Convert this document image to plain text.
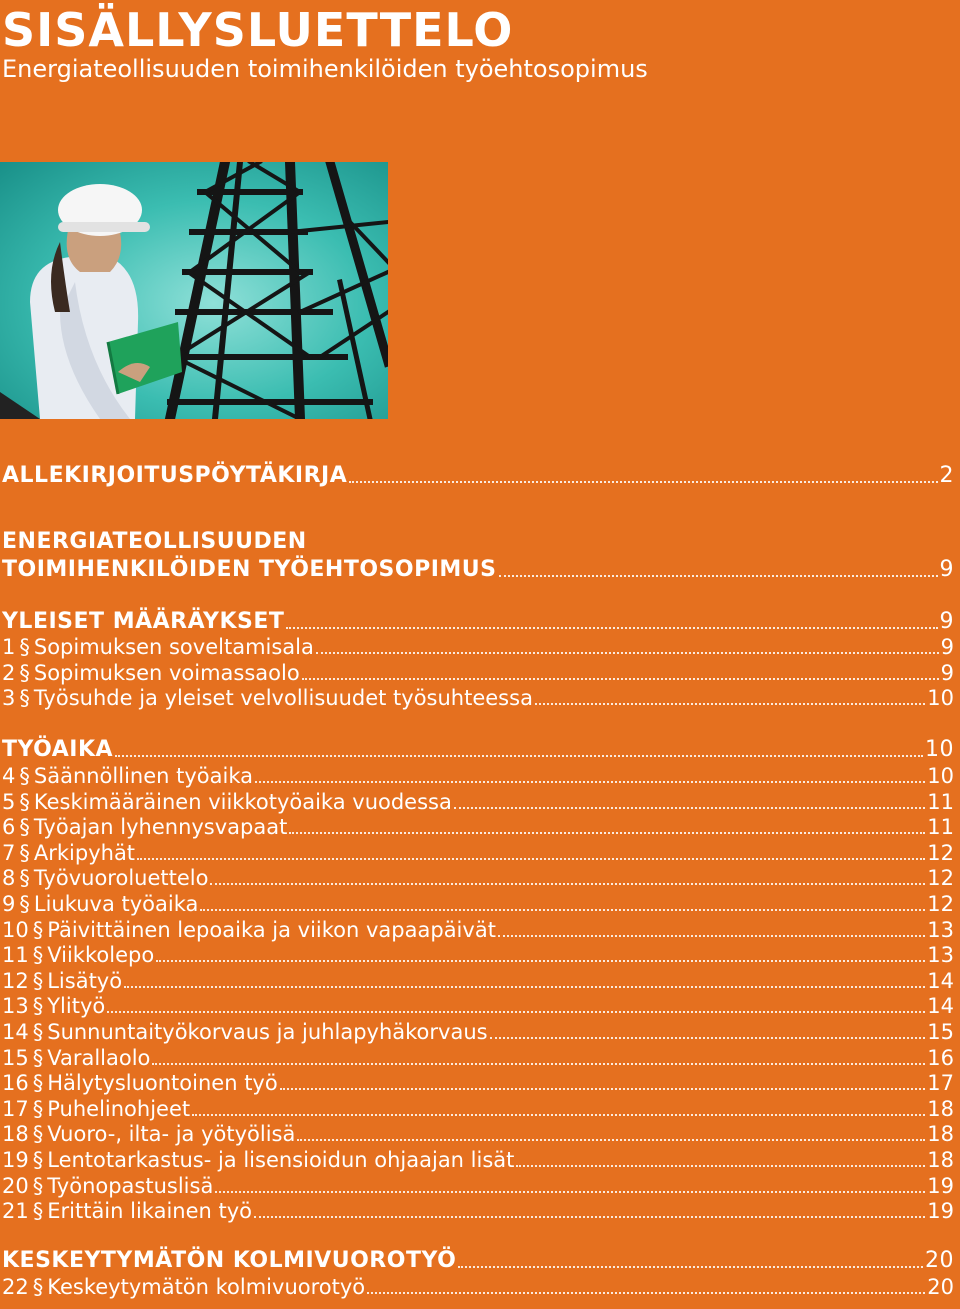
SISÄLLYSLUETTELO
Energiateollisuuden toimihenkilöiden työehtosopimus
ALLEKIRJOITUSPÖYTÄKIRJA	2
ENERGIATEOLLISUUDEN
TOIMIHENKILÖIDEN TYÖEHTOSOPIMUS	9
YLEISET MÄÄRÄYKSET	9
1 § Sopimuksen soveltamisala	9
2 § Sopimuksen voimassaolo	9
3 § Työsuhde ja yleiset velvollisuudet työsuhteessa	10
TYÖAIKA	10
4 § Säännöllinen työaika	10
5 § Keskimääräinen viikkotyöaika vuodessa	11
6 § Työajan lyhennysvapaat	11
7 § Arkipyhät	12
8 § Työvuoroluettelo	12
9 § Liukuva työaika	12
10 § Päivittäinen lepoaika ja viikon vapaapäivät	13
11 § Viikkolepo	13
12 § Lisätyö	14
13 § Ylityö	14
14 § Sunnuntaityökorvaus ja juhlapyhäkorvaus	15
15 § Varallaolo	16
16 § Hälytysluontoinen työ	17
17 § Puhelinohjeet	18
18 § Vuoro-, ilta- ja yötyölisä	18
19 § Lentotarkastus- ja lisensioidun ohjaajan lisät	18
20 § Työnopastuslisä	19
21 § Erittäin likainen työ	19
KESKEYTYMÄTÖN KOLMIVUOROTYÖ	20
22 § Keskeytymätön kolmivuorotyö	20
